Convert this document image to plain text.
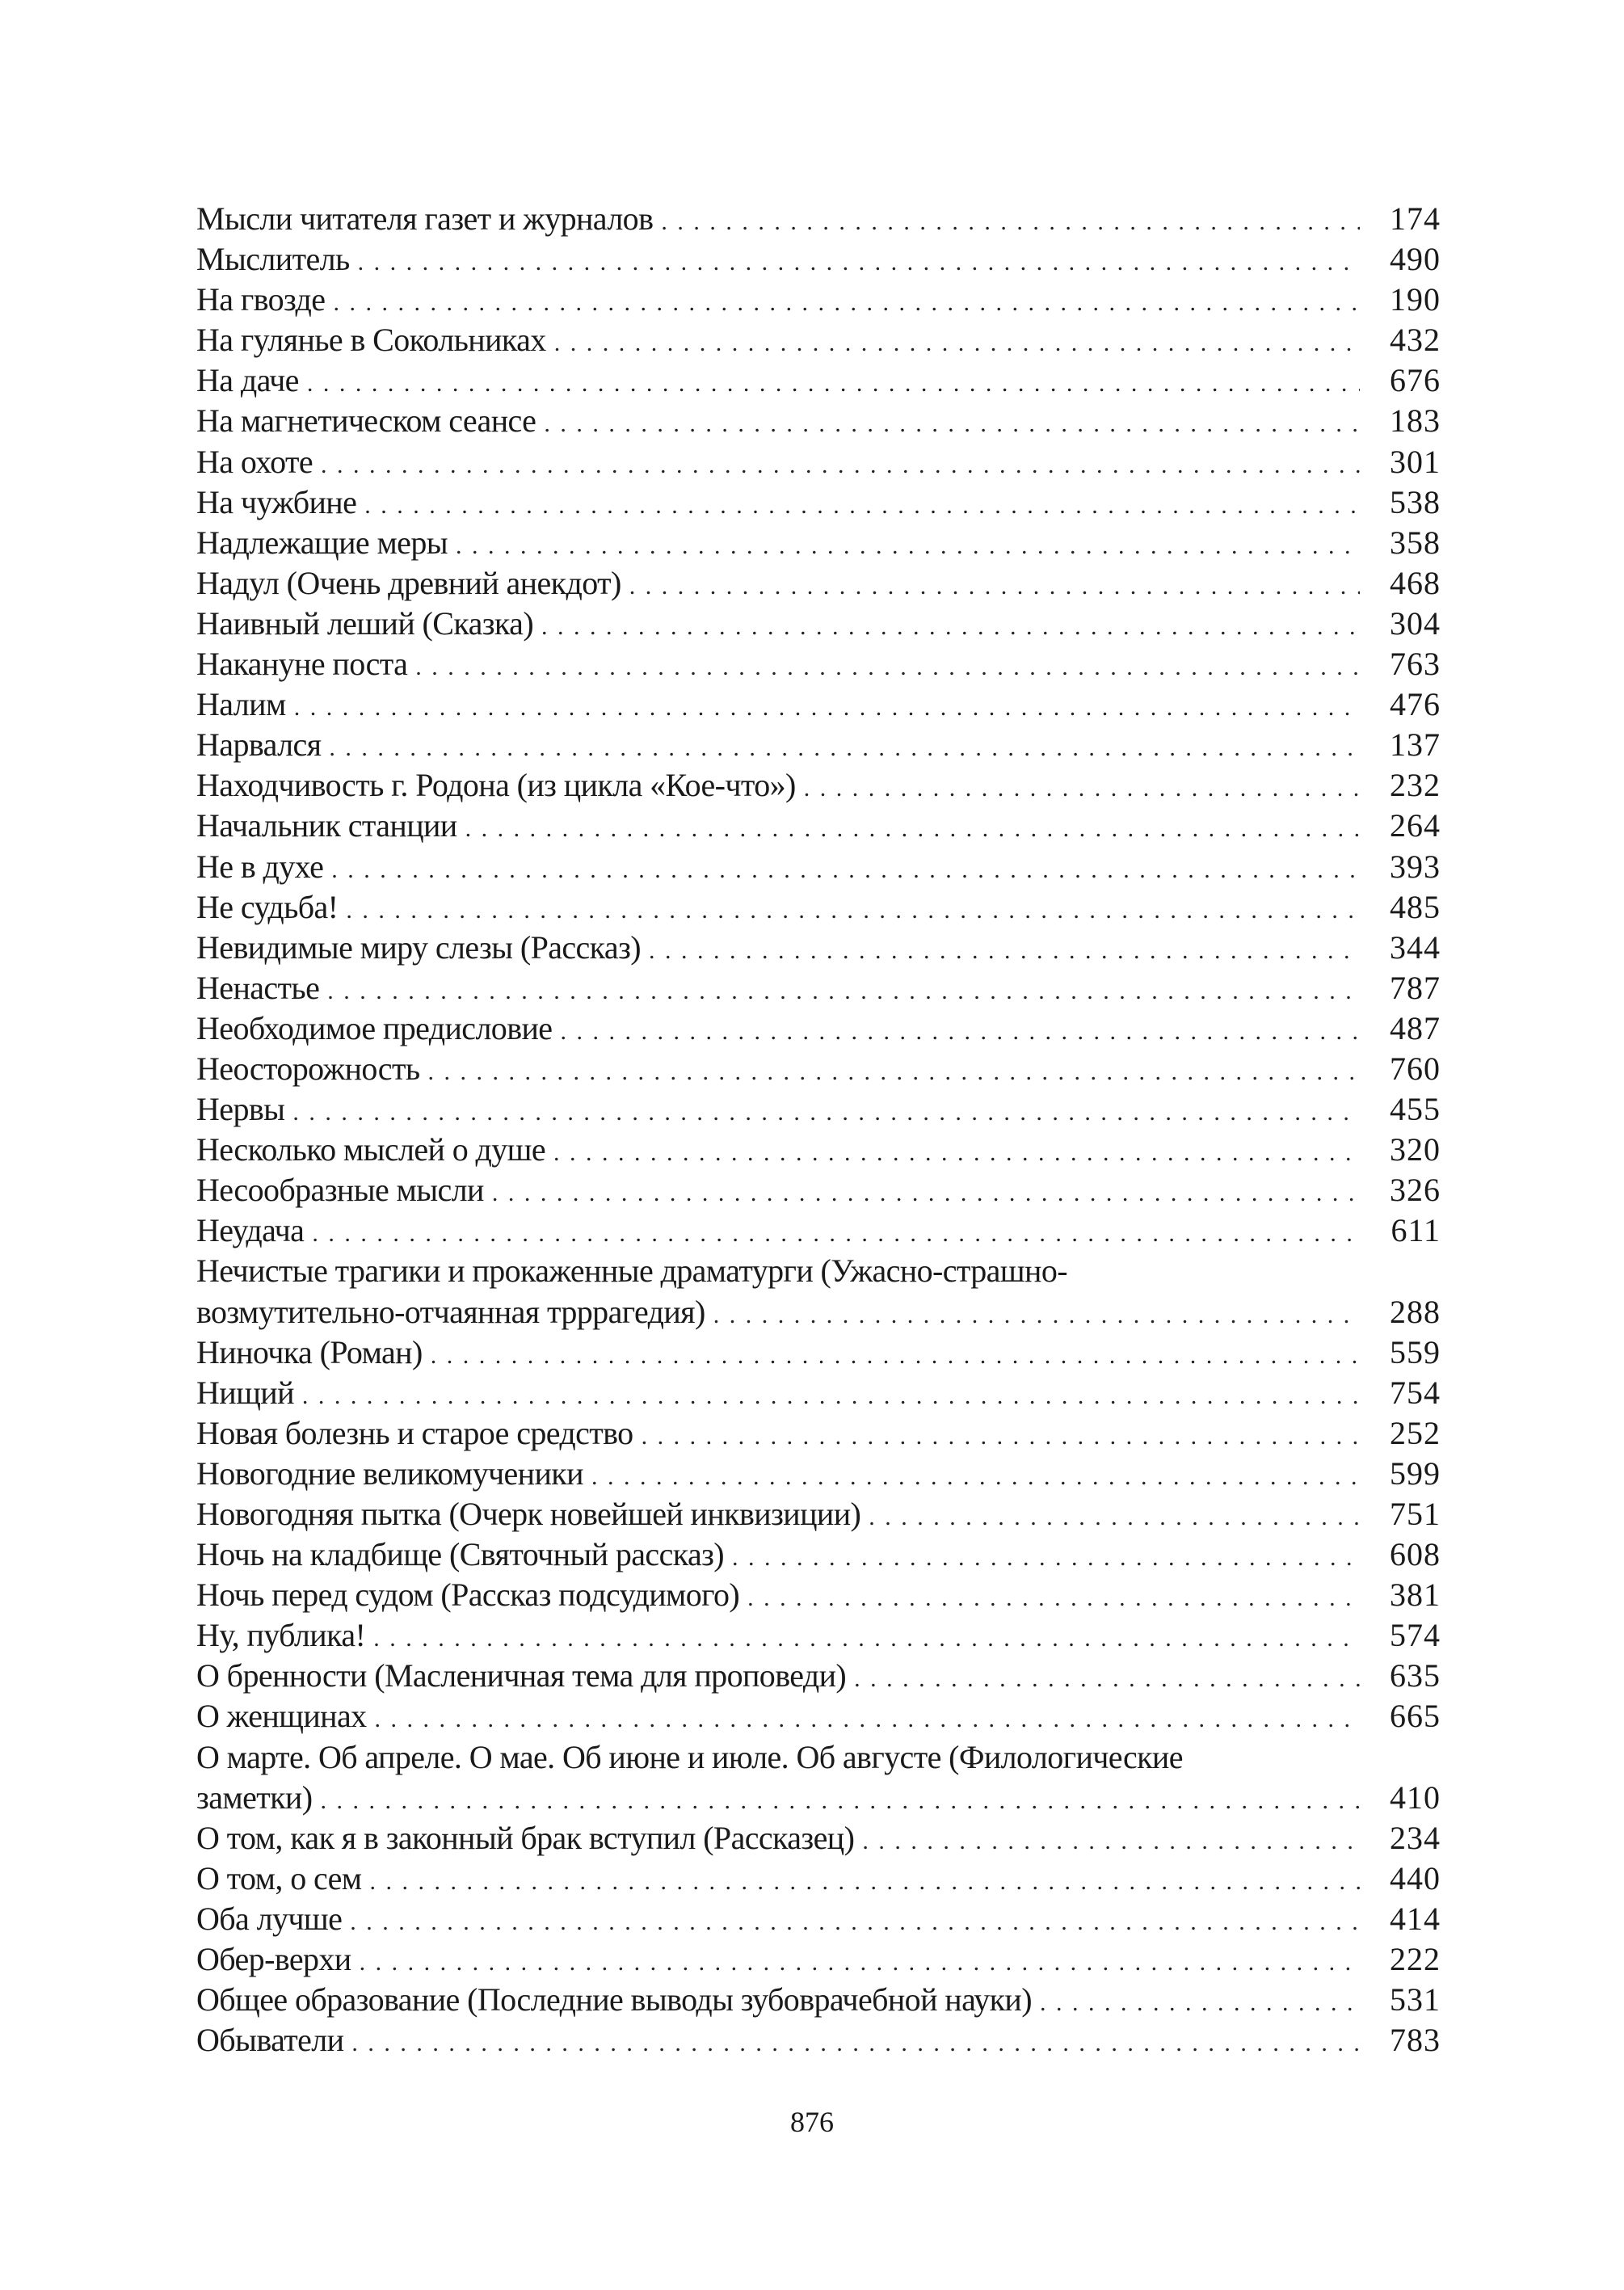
Мысли читателя газет и журналов . . .	174
Мыслитель . . .	490
На гвозде . . .	190
На гулянье в Сокольниках . . .	432
На даче . . .	676
На магнетическом сеансе . . .	183
На охоте . . .	301
На чужбине . . .	538
Надлежащие меры . . .	358
Надул (Очень древний анекдот) . . .	468
Наивный леший (Сказка) . . .	304
Накануне поста . . .	763
Налим . . .	476
Нарвался . . .	137
Находчивость г. Родона (из цикла «Кое-что») . . .	232
Начальник станции . . .	264
Не в духе . . .	393
Не судьба! . . .	485
Невидимые миру слезы (Рассказ) . . .	344
Ненастье . . .	787
Необходимое предисловие . . .	487
Неосторожность . . .	760
Нервы . . .	455
Несколько мыслей о душе . . .	320
Несообразные мысли . . .	326
Неудача . . .	611
Нечистые трагики и прокаженные драматурги (Ужасно-страшно-
возмутительно-отчаянная трррагедия) . . .	288
Ниночка (Роман) . . .	559
Нищий . . .	754
Новая болезнь и старое средство . . .	252
Новогодние великомученики . . .	599
Новогодняя пытка (Очерк новейшей инквизиции) . . .	751
Ночь на кладбище (Святочный рассказ) . . .	608
Ночь перед судом (Рассказ подсудимого) . . .	381
Ну, публика! . . .	574
О бренности (Масленичная тема для проповеди) . . .	635
О женщинах . . .	665
О марте. Об апреле. О мае. Об июне и июле. Об августе (Филологические
заметки) . . .	410
О том, как я в законный брак вступил (Рассказец) . . .	234
О том, о сем . . .	440
Оба лучше . . .	414
Обер-верхи . . .	222
Общее образование (Последние выводы зубоврачебной науки) . . .	531
Обыватели . . .	783
876
